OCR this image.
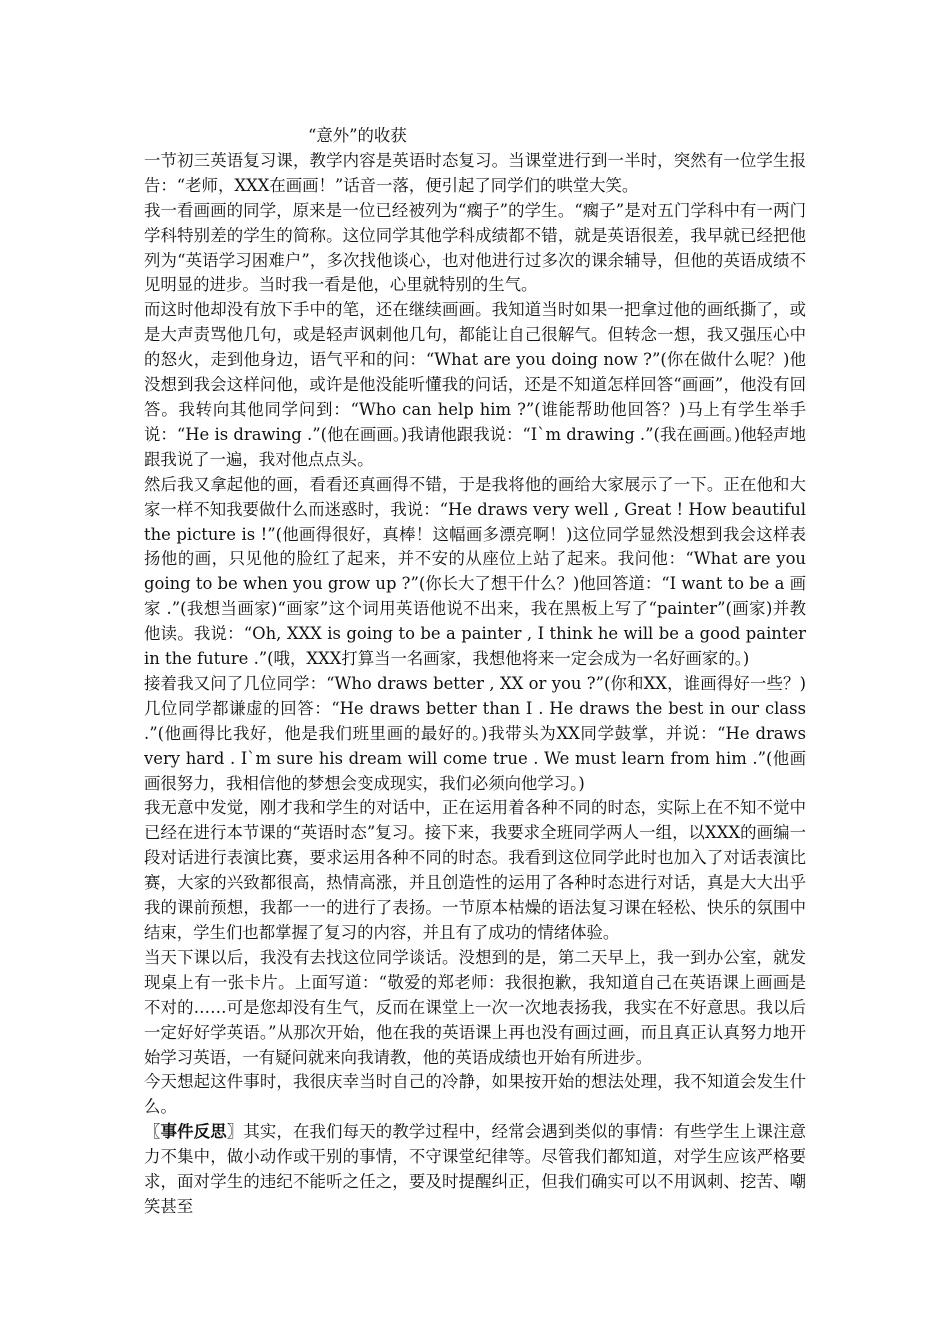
“意外”的收获

一节初三英语复习课，教学内容是英语时态复习。当课堂进行到一半时，突然有一位学生报告：“老师，XXX在画画！”话音一落，便引起了同学们的哄堂大笑。

我一看画画的同学，原来是一位已经被列为“瘸子”的学生。“瘸子”是对五门学科中有一两门学科特别差的学生的简称。这位同学其他学科成绩都不错，就是英语很差，我早就已经把他列为“英语学习困难户”，多次找他谈心，也对他进行过多次的课余辅导，但他的英语成绩不见明显的进步。当时我一看是他，心里就特别的生气。

而这时他却没有放下手中的笔，还在继续画画。我知道当时如果一把拿过他的画纸撕了，或是大声责骂他几句，或是轻声讽刺他几句，都能让自己很解气。但转念一想，我又强压心中的怒火，走到他身边，语气平和的问：“What are you doing now ?”(你在做什么呢？)他没想到我会这样问他，或许是他没能听懂我的问话，还是不知道怎样回答“画画”，他没有回答。我转向其他同学问到：“Who can help him ?”(谁能帮助他回答？)马上有学生举手说：“He is drawing .”(他在画画。)我请他跟我说：“I`m drawing .”(我在画画。)他轻声地跟我说了一遍，我对他点点头。

然后我又拿起他的画，看看还真画得不错，于是我将他的画给大家展示了一下。正在他和大家一样不知我要做什么而迷惑时，我说：“He draws very well , Great ! How beautiful the picture is !”(他画得很好，真棒！这幅画多漂亮啊！)这位同学显然没想到我会这样表扬他的画，只见他的脸红了起来，并不安的从座位上站了起来。我问他：“What are you going to be when you grow up ?”(你长大了想干什么？)他回答道：“I want to be a 画家 .”(我想当画家)“画家”这个词用英语他说不出来，我在黑板上写了“painter”(画家)并教他读。我说：“Oh, XXX is going to be a painter , I think he will be a good painter in the future .”(哦，XXX打算当一名画家，我想他将来一定会成为一名好画家的。)

接着我又问了几位同学：“Who draws better , XX or you ?”(你和XX，谁画得好一些？)几位同学都谦虚的回答：“He draws better than I . He draws the best in our class .”(他画得比我好，他是我们班里画的最好的。)我带头为XX同学鼓掌，并说：“He draws very hard . I`m sure his dream will come true . We must learn from him .”(他画画很努力，我相信他的梦想会变成现实，我们必须向他学习。)

我无意中发觉，刚才我和学生的对话中，正在运用着各种不同的时态，实际上在不知不觉中已经在进行本节课的“英语时态”复习。接下来，我要求全班同学两人一组，以XXX的画编一段对话进行表演比赛，要求运用各种不同的时态。我看到这位同学此时也加入了对话表演比赛，大家的兴致都很高，热情高涨，并且创造性的运用了各种时态进行对话，真是大大出乎我的课前预想，我都一一的进行了表扬。一节原本枯燥的语法复习课在轻松、快乐的氛围中结束，学生们也都掌握了复习的内容，并且有了成功的情绪体验。

当天下课以后，我没有去找这位同学谈话。没想到的是，第二天早上，我一到办公室，就发现桌上有一张卡片。上面写道：“敬爱的郑老师：我很抱歉，我知道自己在英语课上画画是不对的……可是您却没有生气，反而在课堂上一次一次地表扬我，我实在不好意思。我以后一定好好学英语。”从那次开始，他在我的英语课上再也没有画过画，而且真正认真努力地开始学习英语，一有疑问就来向我请教，他的英语成绩也开始有所进步。

今天想起这件事时，我很庆幸当时自己的冷静，如果按开始的想法处理，我不知道会发生什么。

〖事件反思〗其实，在我们每天的教学过程中，经常会遇到类似的事情：有些学生上课注意力不集中，做小动作或干别的事情，不守课堂纪律等。尽管我们都知道，对学生应该严格要求，面对学生的违纪不能听之任之，要及时提醒纠正，但我们确实可以不用讽刺、挖苦、嘲笑甚至
